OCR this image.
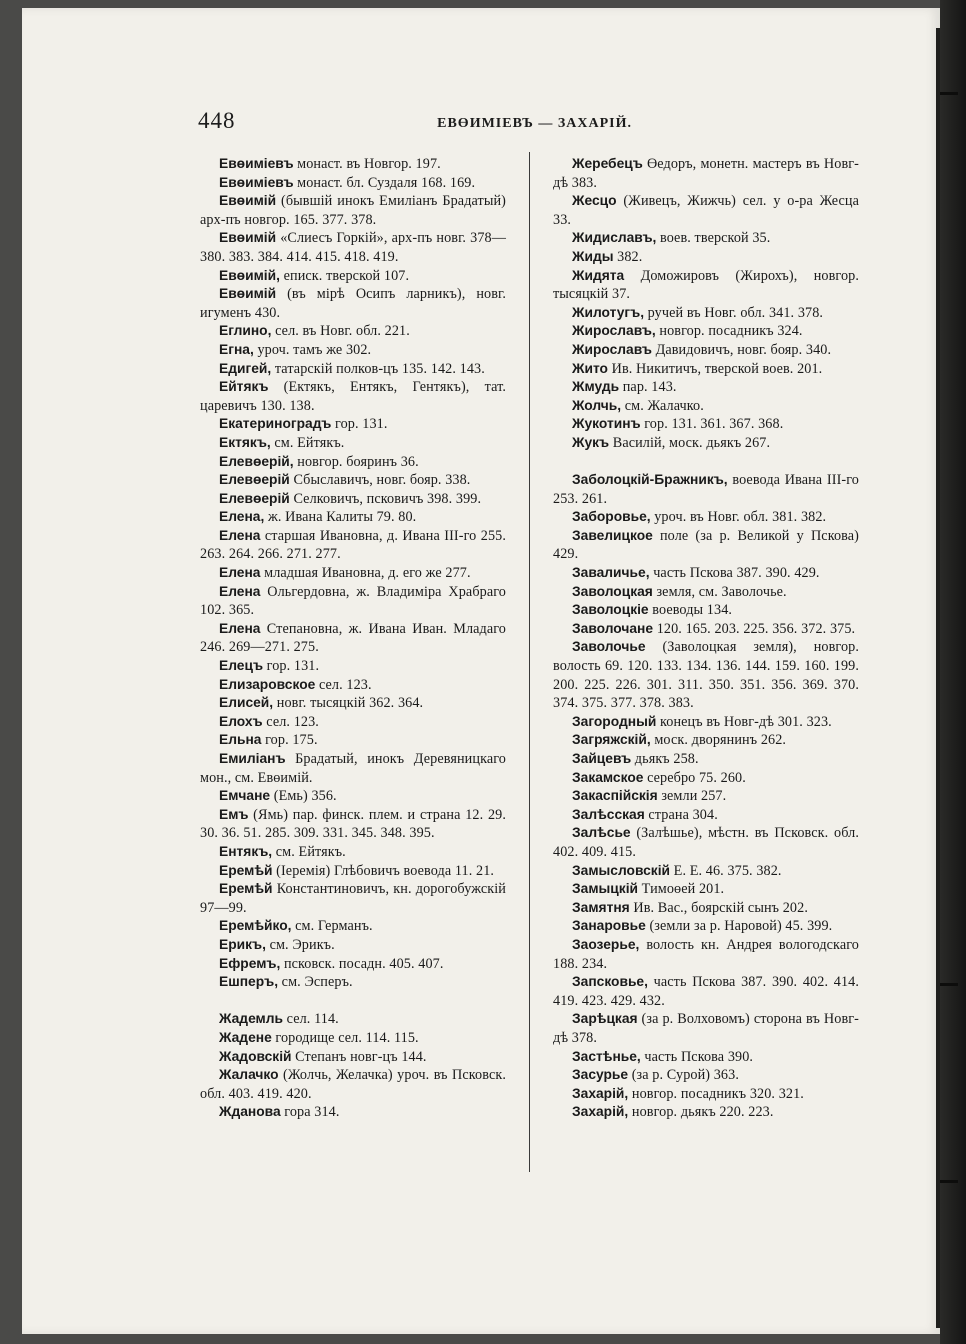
448	ЕВӨИМІЕВЪ — ЗАХАРІЙ.
Евөиміевъ монаст. въ Новгор. 197.
Евөиміевъ монаст. бл. Суздаля 168. 169.
Евөимій (бывшій инокъ Емиліанъ Брадатый) арх-пъ новгор. 165. 377. 378.
Евөимій «Слиесъ Горкій», арх-пъ новг. 378—380. 383. 384. 414. 415. 418. 419.
Евөимій, еписк. тверской 107.
Евөимій (въ мірѣ Осипъ ларникъ), новг. игуменъ 430.
Еглино, сел. въ Новг. обл. 221.
Егна, уроч. тамъ же 302.
Едигей, татарскій полков-цъ 135. 142. 143.
Ейтякъ (Ектякъ, Ентякъ, Гентякъ), тат. царевичъ 130. 138.
Екатериноградъ гор. 131.
Ектякъ, см. Ейтякъ.
Елевөерій, новгор. бояринъ 36.
Елевөерій Сбыславичъ, новг. бояр. 338.
Елевөерій Селковичъ, псковичъ 398. 399.
Елена, ж. Ивана Калиты 79. 80.
Елена старшая Ивановна, д. Ивана III-го 255. 263. 264. 266. 271. 277.
Елена младшая Ивановна, д. его же 277.
Елена Ольгердовна, ж. Владиміра Храбраго 102. 365.
Елена Степановна, ж. Ивана Иван. Младаго 246. 269—271. 275.
Елецъ гор. 131.
Елизаровское сел. 123.
Елисей, новг. тысяцкій 362. 364.
Елохъ сел. 123.
Ельна гор. 175.
Емиліанъ Брадатый, инокъ Деревяницкаго мон., см. Евөимій.
Емчане (Емь) 356.
Емъ (Ямь) пар. финск. плем. и страна 12. 29. 30. 36. 51. 285. 309. 331. 345. 348. 395.
Ентякъ, см. Ейтякъ.
Еремѣй (Іеремія) Глѣбовичъ воевода 11. 21.
Еремѣй Константиновичъ, кн. дорогобужскій 97—99.
Еремѣйко, см. Германъ.
Ерикъ, см. Эрикъ.
Ефремъ, псковск. посадн. 405. 407.
Ешперъ, см. Эсперъ.
Жадемль сел. 114.
Жадене городище сел. 114. 115.
Жадовскій Степанъ новг-цъ 144.
Жалачко (Жолчь, Желачка) уроч. въ Псковск. обл. 403. 419. 420.
Жданова гора 314.
Жеребецъ Өедоръ, монетн. мастеръ въ Новг-дѣ 383.
Жесцо (Живецъ, Жижчь) сел. у о-ра Жесца 33.
Жидиславъ, воев. тверской 35.
Жиды 382.
Жидята Доможировъ (Жирохъ), новгор. тысяцкій 37.
Жилотугъ, ручей въ Новг. обл. 341. 378.
Жирославъ, новгор. посадникъ 324.
Жирославъ Давидовичъ, новг. бояр. 340.
Жито Ив. Никитичъ, тверской воев. 201.
Жмудь пар. 143.
Жолчь, см. Жалачко.
Жукотинъ гор. 131. 361. 367. 368.
Жукъ Василій, моск. дьякъ 267.
Заболоцкій-Бражникъ, воевода Ивана III-го 253. 261.
Заборовье, уроч. въ Новг. обл. 381. 382.
Завелицкое поле (за р. Великой у Пскова) 429.
Заваличье, часть Пскова 387. 390. 429.
Заволоцкая земля, см. Заволочье.
Заволоцкіе воеводы 134.
Заволочане 120. 165. 203. 225. 356. 372. 375.
Заволочье (Заволоцкая земля), новгор. волость 69. 120. 133. 134. 136. 144. 159. 160. 199. 200. 225. 226. 301. 311. 350. 351. 356. 369. 370. 374. 375. 377. 378. 383.
Загородный конецъ въ Новг-дѣ 301. 323.
Загряжскій, моск. дворянинъ 262.
Зайцевъ дьякъ 258.
Закамское серебро 75. 260.
Закаспійскія земли 257.
Залѣсская страна 304.
Залѣсье (Залѣшье), мѣстн. въ Псковск. обл. 402. 409. 415.
Замысловскій Е. Е. 46. 375. 382.
Замыцкій Тимоөей 201.
Замятня Ив. Вас., боярскій сынъ 202.
Занаровье (земли за р. Наровой) 45. 399.
Заозерье, волость кн. Андрея вологодскаго 188. 234.
Запсковье, часть Пскова 387. 390. 402. 414. 419. 423. 429. 432.
Зарѣцкая (за р. Волховомъ) сторона въ Новг-дѣ 378.
Застѣнье, часть Пскова 390.
Засурье (за р. Сурой) 363.
Захарій, новгор. посадникъ 320. 321.
Захарій, новгор. дьякъ 220. 223.
